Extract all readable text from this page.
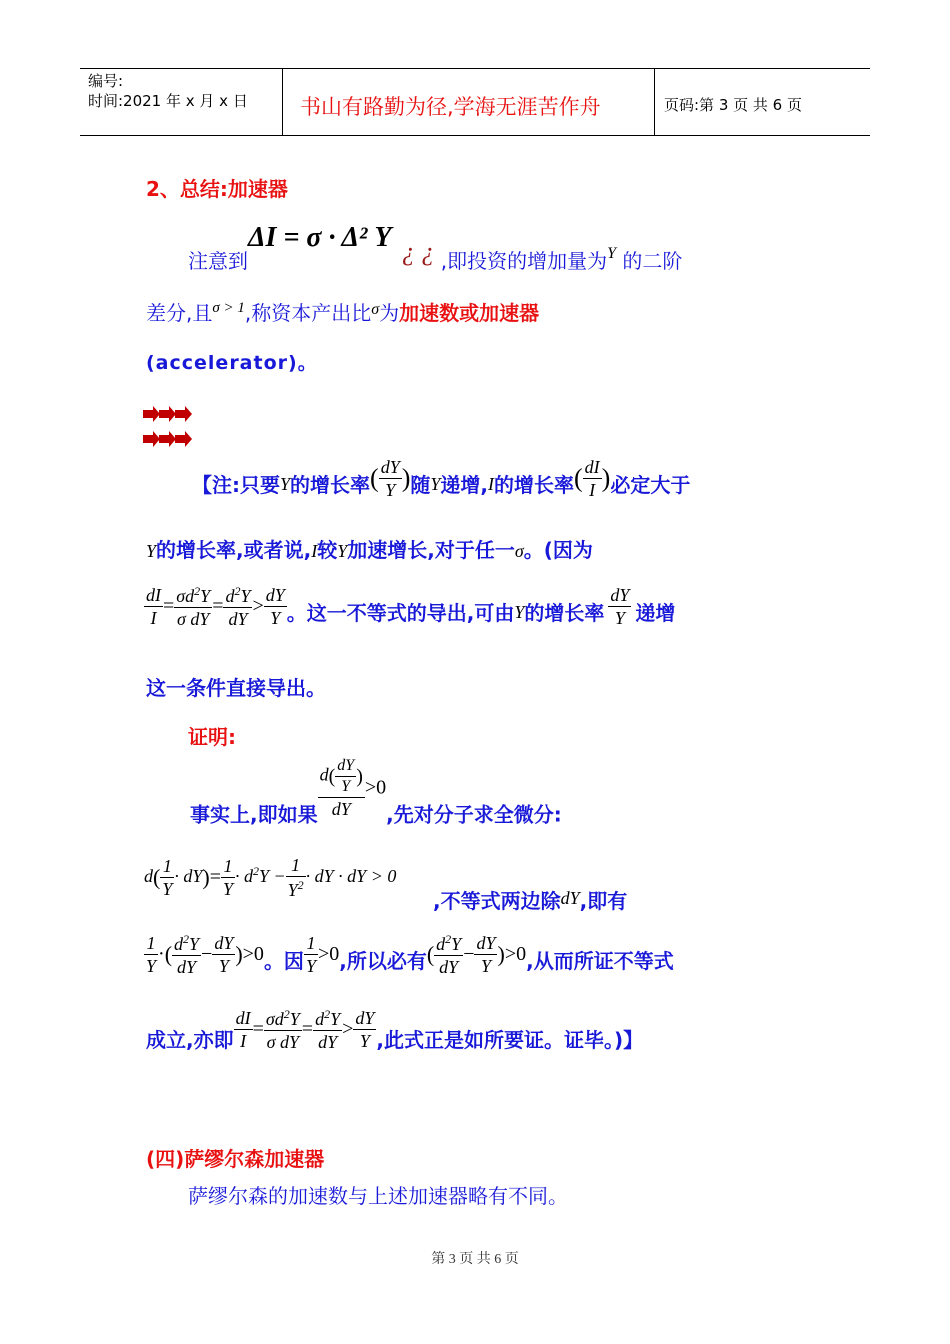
编号:
时间:2021 年 x 月 x 日 书山有路勤为径,学海无涯苦作舟	页码:第 3 页 共 6 页
2、总结:加速器
注意到ΔI = σ · Δ² Y ¿ ¿ ,即投资的增加量为$_Y$ 的二阶
差分,且$^{\sigma > 1}$,称资本产出比$^\sigma$为加速数或加速器
(accelerator)。
【注:只要Y的增长率( $\frac{dY}{Y}$ )随Y递增,I的增长率( $\frac{dI}{I}$ )必定大于
Y的增长率,或者说,I较Y加速增长,对于任一σ。(因为
$\frac{dI}{I} = \frac{\sigma d^2Y}{\text{σ dY}} = \frac{d^2Y}{dY} > \frac{dY}{Y}$ 。这一不等式的导出,可由Y的增长率 $\frac{dY}{Y}$ 递增
这一条件直接导出。
证明:
事实上,即如果 $\frac{d( \frac{dY}{Y} )}{dY} >0$,先对分子求全微分:
$d( \frac{1}{Y} \cdot dY)= \frac{1}{Y} \cdot d^2Y - \frac{1}{Y^2}$ · dY · dY > 0
,不等式两边除dY,即有
$\frac{1}{Y}$ ·( $\frac{d^2Y}{dY} - \frac{dY}{Y} )>0$。因 $\frac{1}{Y} >0$,所以必有( $\frac{d^2Y}{dY} - \frac{dY}{Y} )>0$,从而所证不等式
成立,亦即 $\frac{dI}{I} = \frac{\sigma d^2Y}{\text{σ dY}} = \frac{d^2Y}{dY} > \frac{dY}{Y}$ ,此式正是如所要证。证毕。)】
(四)萨缪尔森加速器
萨缪尔森的加速数与上述加速器略有不同。
第 3 页 共 6 页
